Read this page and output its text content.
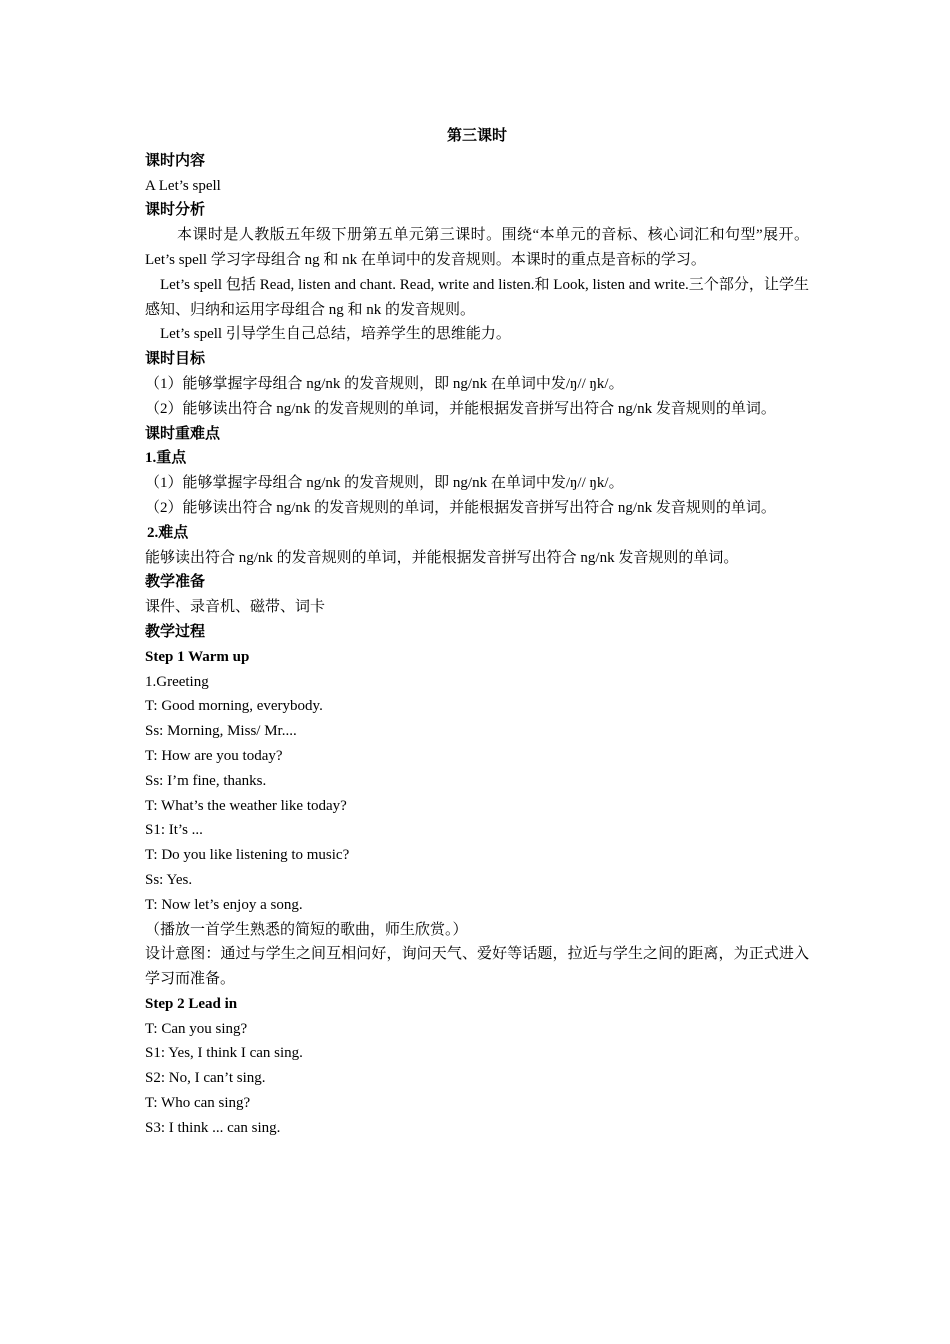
第三课时

课时内容

A Let’s spell

课时分析

本课时是人教版五年级下册第五单元第三课时。围绕“本单元的音标、核心词汇和句型”展开。Let’s spell 学习字母组合 ng 和 nk 在单词中的发音规则。本课时的重点是音标的学习。

Let’s spell 包括 Read, listen and chant. Read, write and listen.和 Look, listen and write.三个部分，让学生感知、归纳和运用字母组合 ng 和 nk 的发音规则。

Let’s spell 引导学生自己总结，培养学生的思维能力。

课时目标

（1）能够掌握字母组合 ng/nk 的发音规则，即 ng/nk 在单词中发/ŋ// ŋk/。

（2）能够读出符合 ng/nk 的发音规则的单词，并能根据发音拼写出符合 ng/nk 发音规则的单词。

课时重难点

1.重点

（1）能够掌握字母组合 ng/nk 的发音规则，即 ng/nk 在单词中发/ŋ// ŋk/。

（2）能够读出符合 ng/nk 的发音规则的单词，并能根据发音拼写出符合 ng/nk 发音规则的单词。

2.难点

能够读出符合 ng/nk 的发音规则的单词，并能根据发音拼写出符合 ng/nk 发音规则的单词。

教学准备

课件、录音机、磁带、词卡

教学过程

Step 1 Warm up

1.Greeting

T: Good morning, everybody.

Ss: Morning, Miss/ Mr....

T: How are you today?

Ss: I’m fine, thanks.

T: What’s the weather like today?

S1: It’s ...

T: Do you like listening to music?

Ss: Yes.

T: Now let’s enjoy a song.

（播放一首学生熟悉的简短的歌曲，师生欣赏。）

设计意图：通过与学生之间互相问好，询问天气、爱好等话题，拉近与学生之间的距离，为正式进入学习而准备。

Step 2 Lead in

T: Can you sing?

S1: Yes, I think I can sing.

S2: No, I can’t sing.

T: Who can sing?

S3: I think ... can sing.
